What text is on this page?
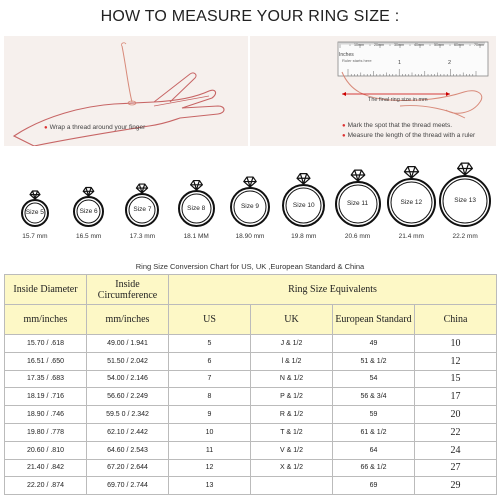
HOW TO MEASURE YOUR RING SIZE :
● Wrap a thread around your finger
Inches
Ruler starts here	1	2
10mm	20mm	30mm	40mm	50mm	60mm	70mm
The final ring size in mm
● Mark the spot that the thread meets.
● Measure the length of the thread with a ruler
Size 5
15.7 mm
Size 6
16.5 mm
Size 7
17.3 mm
Size 8
18.1 MM
Size 9
18.90 mm
Size 10
19.8 mm
Size 11
20.6 mm
Size 12
21.4 mm
Size 13
22.2 mm
Ring Size Conversion Chart for US, UK ,European Standard & China
Inside Diameter	Inside Circumference	Ring Size Equivalents			
mm/inches	mm/inches	US	UK	European Standard	China
15.70 / .618	49.00 / 1.941	5	J & 1/2	49	10
16.51 / .650	51.50 / 2.042	6	l & 1/2	51 & 1/2	12
17.35 / .683	54.00 / 2.146	7	N & 1/2	54	15
18.19 / .716	56.60 / 2.249	8	P & 1/2	56 & 3/4	17
18.90 / .746	59.5 0 / 2.342	9	R & 1/2	59	20
19.80 / .778	62.10 / 2.442	10	T & 1/2	61 & 1/2	22
20.60 / .810	64.60 / 2.543	11	V & 1/2	64	24
21.40 / .842	67.20 / 2.644	12	X & 1/2	66 & 1/2	27
22.20 / .874	69.70 / 2.744	13		69	29
